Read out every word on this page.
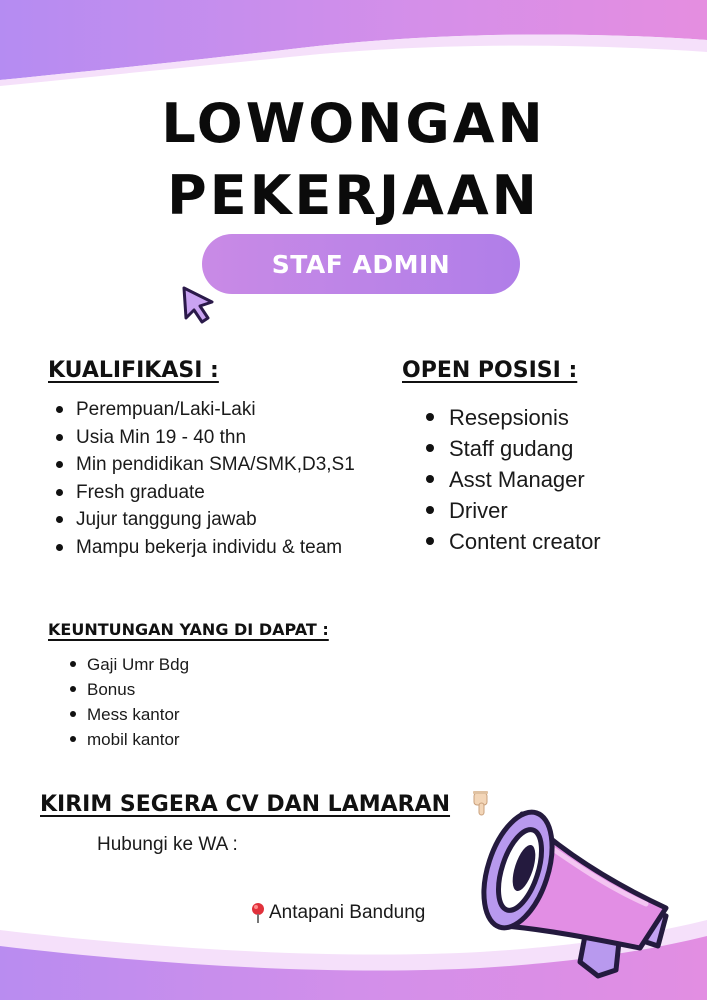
LOWONGAN
PEKERJAAN
STAF ADMIN
KUALIFIKASI :
Perempuan/Laki-Laki
Usia Min 19 - 40 thn
Min pendidikan SMA/SMK,D3,S1
Fresh graduate
Jujur tanggung jawab
Mampu bekerja individu & team
OPEN POSISI :
Resepsionis
Staff gudang
Asst Manager
Driver
Content creator
KEUNTUNGAN YANG DI DAPAT :
Gaji Umr Bdg
Bonus
Mess kantor
mobil kantor
KIRIM SEGERA CV DAN LAMARAN
Hubungi ke WA :
Antapani Bandung
